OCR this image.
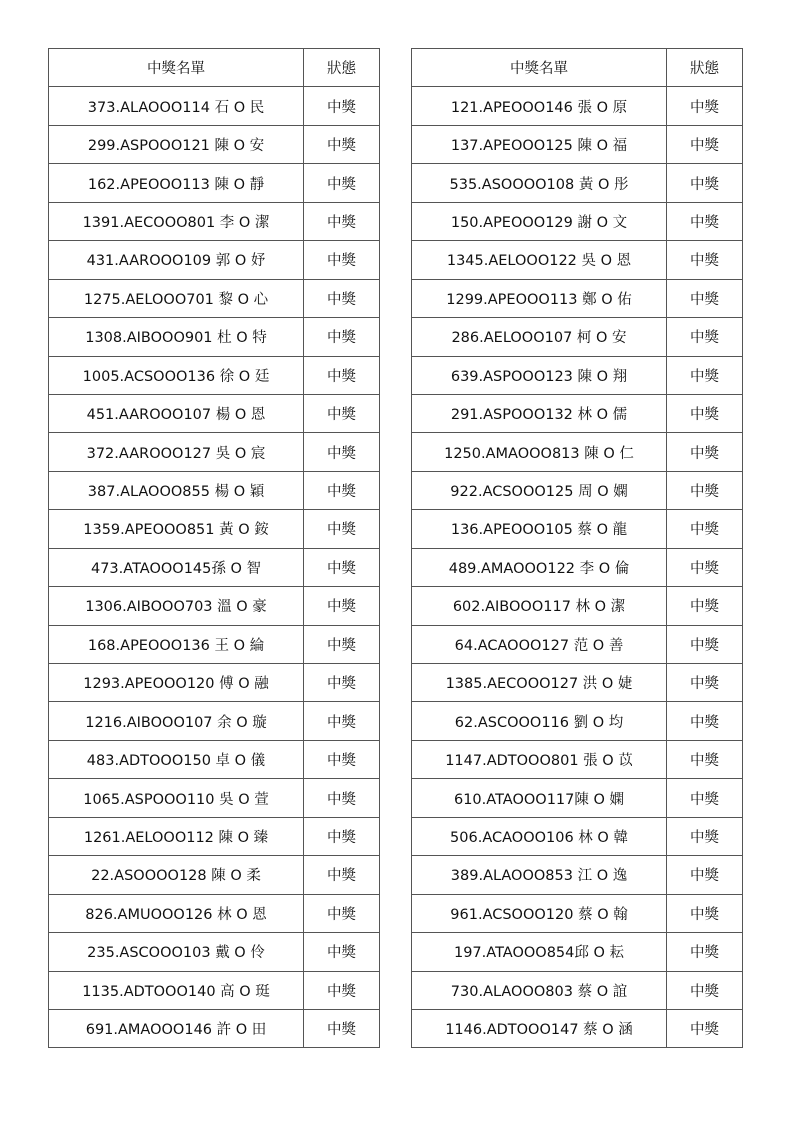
中獎名單	狀態
373.ALAOOO114 石 O 民	中獎
299.ASPOOO121 陳 O 安	中獎
162.APEOOO113 陳 O 靜	中獎
1391.AECOOO801 李 O 潔	中獎
431.AAROOO109 郭 O 妤	中獎
1275.AELOOO701 黎 O 心	中獎
1308.AIBOOO901 杜 O 特	中獎
1005.ACSOOO136 徐 O 廷	中獎
451.AAROOO107 楊 O 恩	中獎
372.AAROOO127 吳 O 宸	中獎
387.ALAOOO855 楊 O 穎	中獎
1359.APEOOO851 黃 O 銨	中獎
473.ATAOOO145孫 O 智	中獎
1306.AIBOOO703 溫 O 豪	中獎
168.APEOOO136 王 O 綸	中獎
1293.APEOOO120 傅 O 融	中獎
1216.AIBOOO107 余 O 璇	中獎
483.ADTOOO150 卓 O 儀	中獎
1065.ASPOOO110 吳 O 萱	中獎
1261.AELOOO112 陳 O 臻	中獎
22.ASOOOO128 陳 O 柔	中獎
826.AMUOOO126 林 O 恩	中獎
235.ASCOOO103 戴 O 伶	中獎
1135.ADTOOO140 高 O 珽	中獎
691.AMAOOO146 許 O 田	中獎
中獎名單	狀態
121.APEOOO146 張 O 原	中獎
137.APEOOO125 陳 O 福	中獎
535.ASOOOO108 黃 O 彤	中獎
150.APEOOO129 謝 O 文	中獎
1345.AELOOO122 吳 O 恩	中獎
1299.APEOOO113 鄭 O 佑	中獎
286.AELOOO107 柯 O 安	中獎
639.ASPOOO123 陳 O 翔	中獎
291.ASPOOO132 林 O 儒	中獎
1250.AMAOOO813 陳 O 仁	中獎
922.ACSOOO125 周 O 嫻	中獎
136.APEOOO105 蔡 O 龍	中獎
489.AMAOOO122 李 O 倫	中獎
602.AIBOOO117 林 O 潔	中獎
64.ACAOOO127 范 O 善	中獎
1385.AECOOO127 洪 O 婕	中獎
62.ASCOOO116 劉 O 均	中獎
1147.ADTOOO801 張 O 苡	中獎
610.ATAOOO117陳 O 嫻	中獎
506.ACAOOO106 林 O 韓	中獎
389.ALAOOO853 江 O 逸	中獎
961.ACSOOO120 蔡 O 翰	中獎
197.ATAOOO854邱 O 耘	中獎
730.ALAOOO803 蔡 O 誼	中獎
1146.ADTOOO147 蔡 O 涵	中獎
